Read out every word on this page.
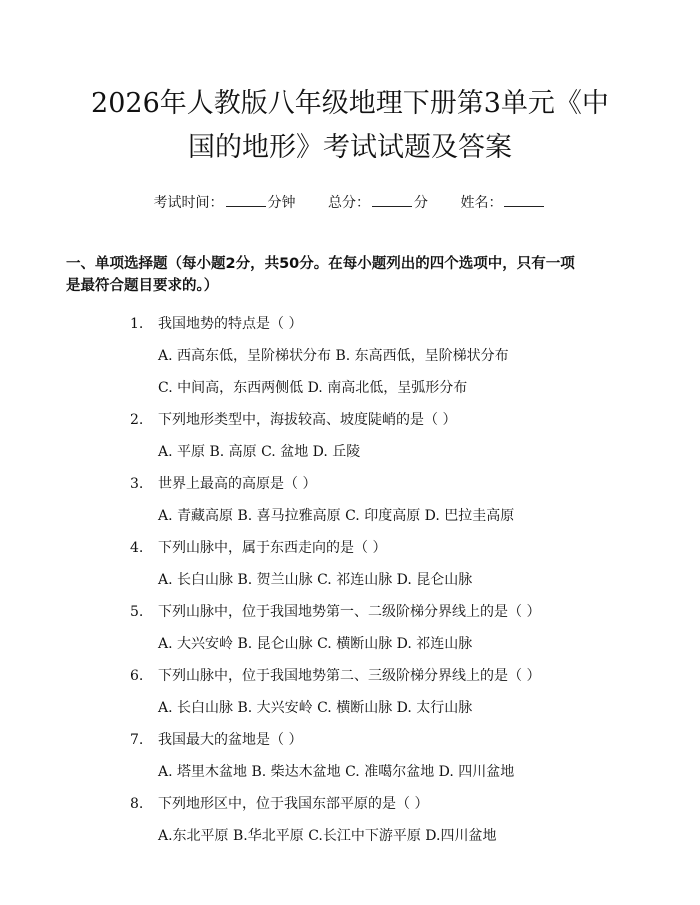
2026年人教版八年级地理下册第3单元《中
国的地形》考试试题及答案
考试时间：	分钟 总分：	分 姓名：
一、单项选择题（每小题2分，共50分。在每小题列出的四个选项中，只有一项
是最符合题目要求的。）
1.	我国地势的特点是（ ）
A. 西高东低，呈阶梯状分布 B. 东高西低，呈阶梯状分布
C. 中间高，东西两侧低 D. 南高北低，呈弧形分布
2.	下列地形类型中，海拔较高、坡度陡峭的是（ ）
A. 平原 B. 高原 C. 盆地 D. 丘陵
3.	世界上最高的高原是（ ）
A. 青藏高原 B. 喜马拉雅高原 C. 印度高原 D. 巴拉圭高原
4.	下列山脉中，属于东西走向的是（ ）
A. 长白山脉 B. 贺兰山脉 C. 祁连山脉 D. 昆仑山脉
5.	下列山脉中，位于我国地势第一、二级阶梯分界线上的是（ ）
A. 大兴安岭 B. 昆仑山脉 C. 横断山脉 D. 祁连山脉
6.	下列山脉中，位于我国地势第二、三级阶梯分界线上的是（ ）
A. 长白山脉 B. 大兴安岭 C. 横断山脉 D. 太行山脉
7.	我国最大的盆地是（ ）
A. 塔里木盆地 B. 柴达木盆地 C. 准噶尔盆地 D. 四川盆地
8.	下列地形区中，位于我国东部平原的是（ ）
A.东北平原 B.华北平原 C.长江中下游平原 D.四川盆地
